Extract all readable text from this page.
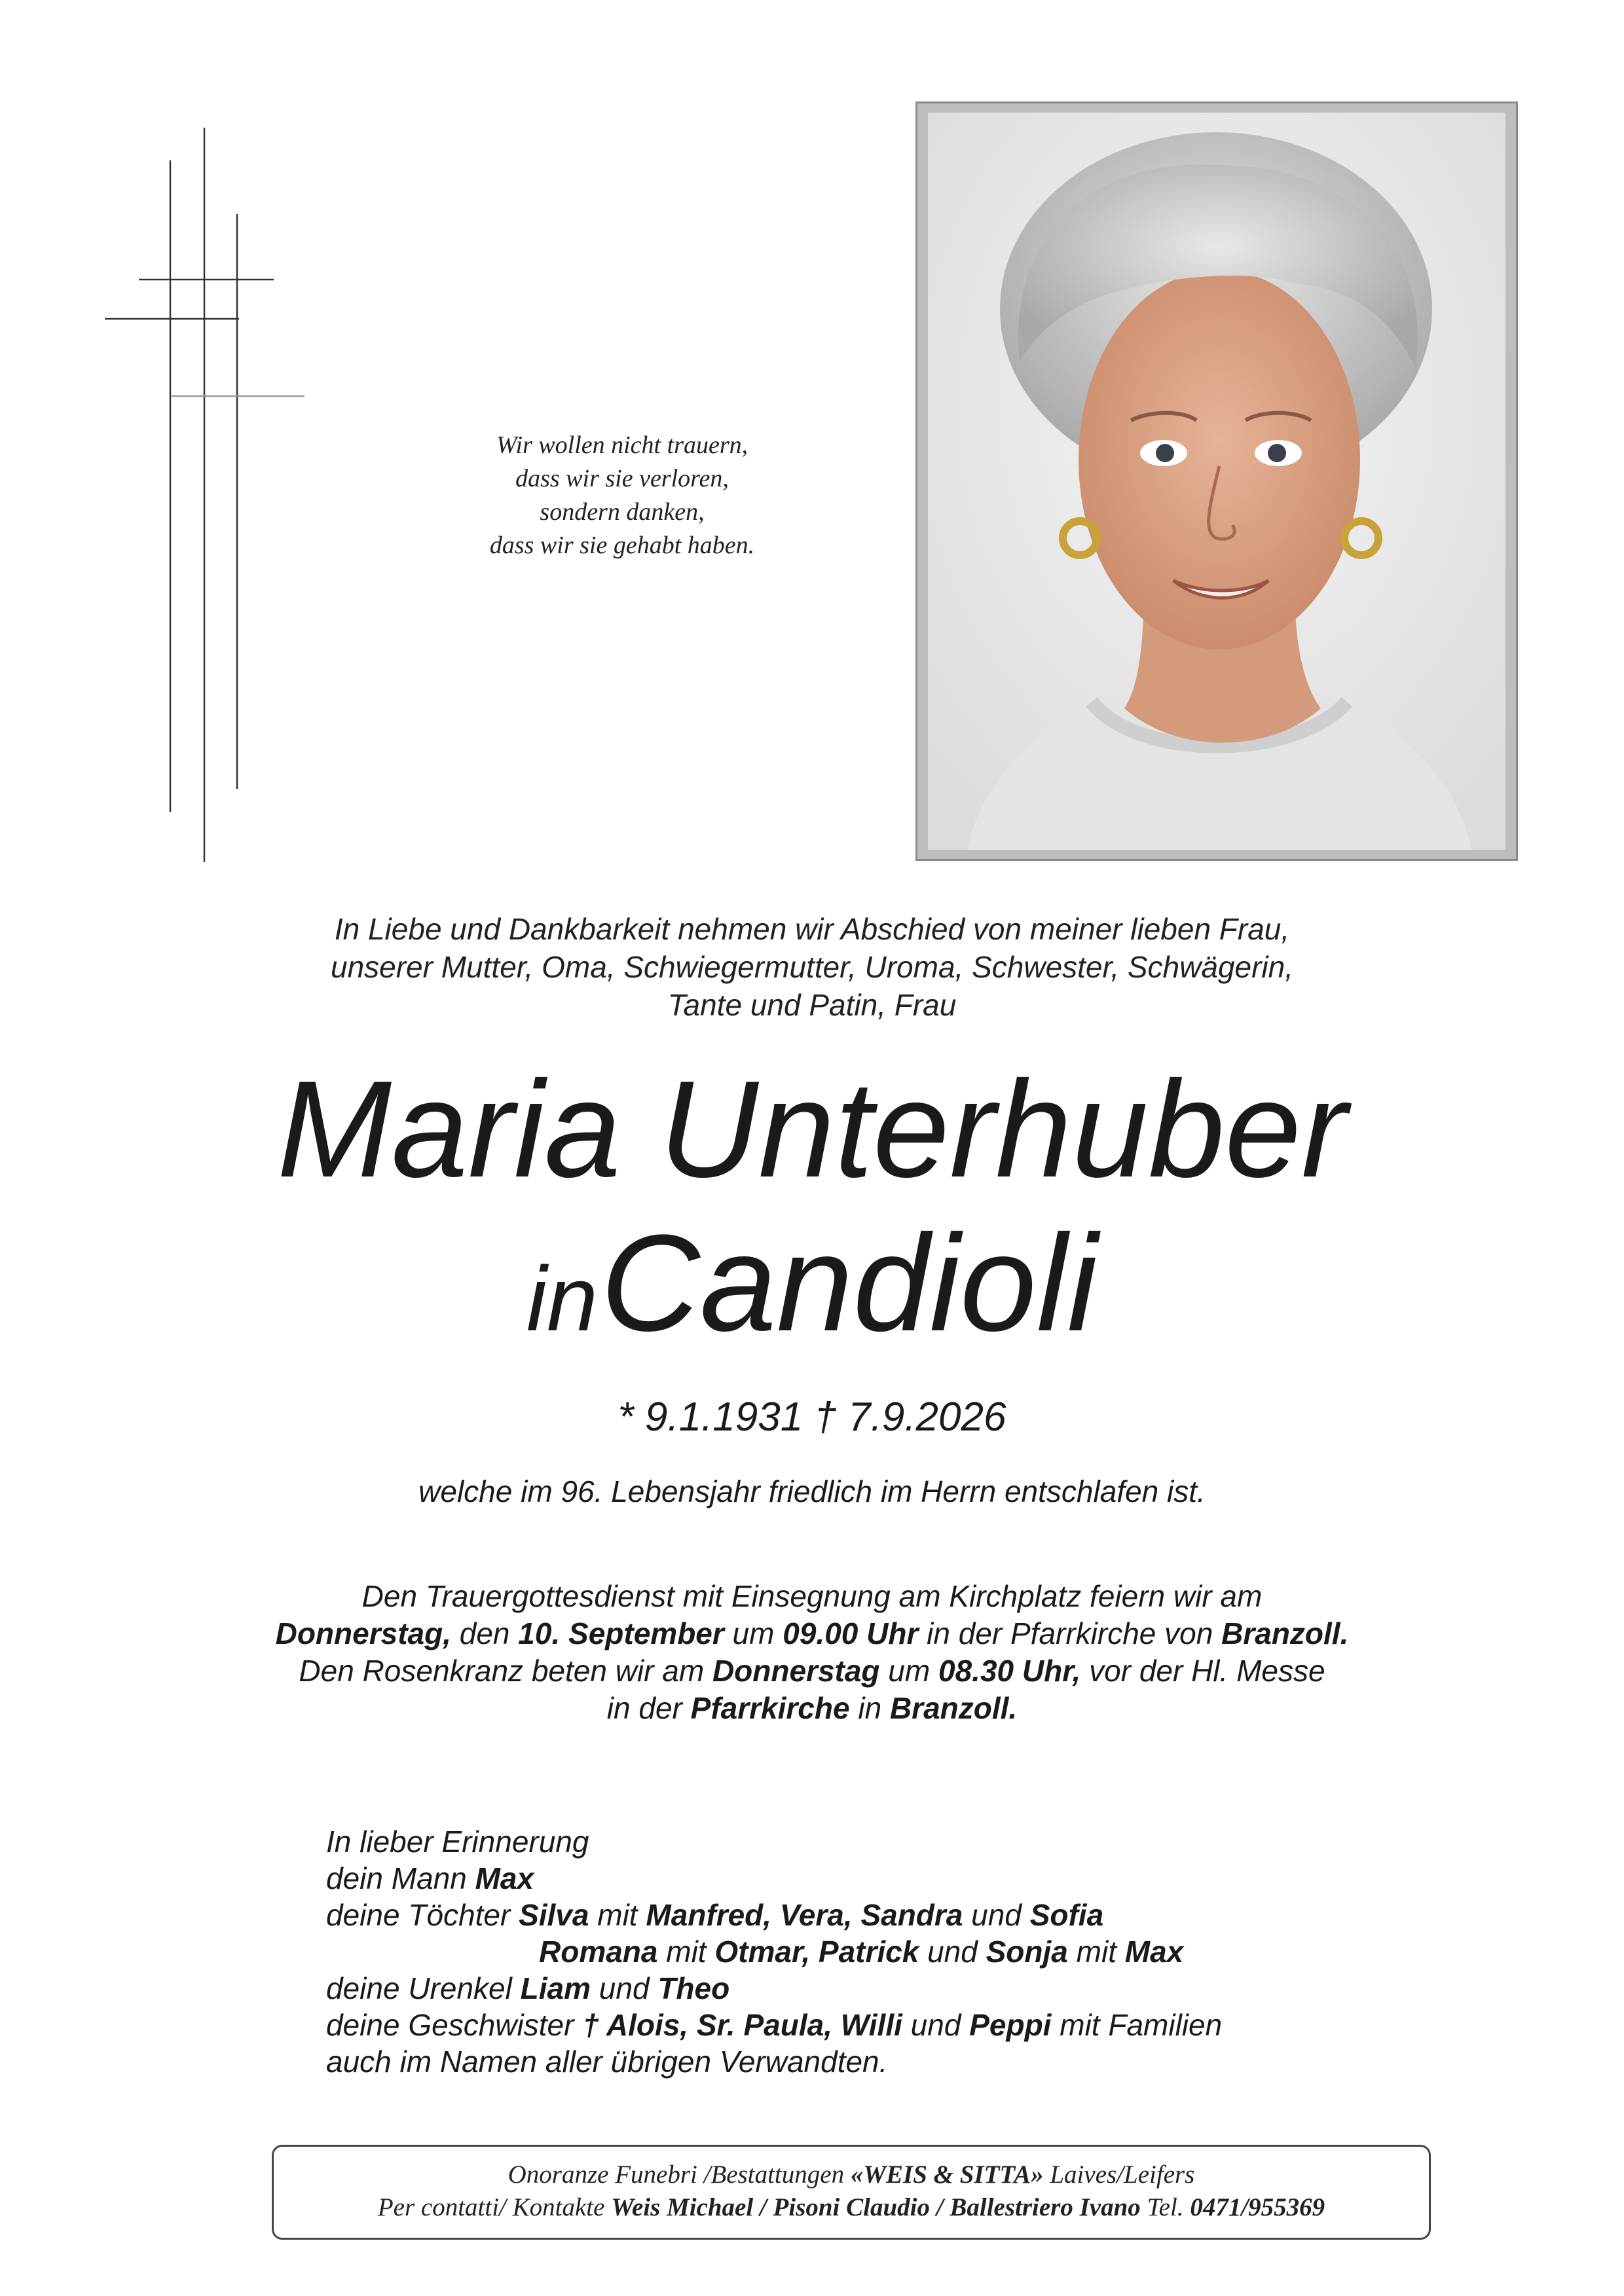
Wir wollen nicht trauern,
dass wir sie verloren,
sondern danken,
dass wir sie gehabt haben.
In Liebe und Dankbarkeit nehmen wir Abschied von meiner lieben Frau,
unserer Mutter, Oma, Schwiegermutter, Uroma, Schwester, Schwägerin,
Tante und Patin, Frau
Maria Unterhuber
in Candioli
* 9.1.1931 † 7.9.2026
welche im 96. Lebensjahr friedlich im Herrn entschlafen ist.
Den Trauergottesdienst mit Einsegnung am Kirchplatz feiern wir am
Donnerstag, den 10. September um 09.00 Uhr in der Pfarrkirche von Branzoll.
Den Rosenkranz beten wir am Donnerstag um 08.30 Uhr, vor der Hl. Messe
in der Pfarrkirche in Branzoll.
In lieber Erinnerung
dein Mann Max
deine Töchter Silva mit Manfred, Vera, Sandra und Sofia
Romana mit Otmar, Patrick und Sonja mit Max
deine Urenkel Liam und Theo
deine Geschwister † Alois, Sr. Paula, Willi und Peppi mit Familien
auch im Namen aller übrigen Verwandten.
Onoranze Funebri /Bestattungen «WEIS & SITTA» Laives/Leifers
Per contatti/ Kontakte Weis Michael / Pisoni Claudio / Ballestriero Ivano Tel. 0471/955369
